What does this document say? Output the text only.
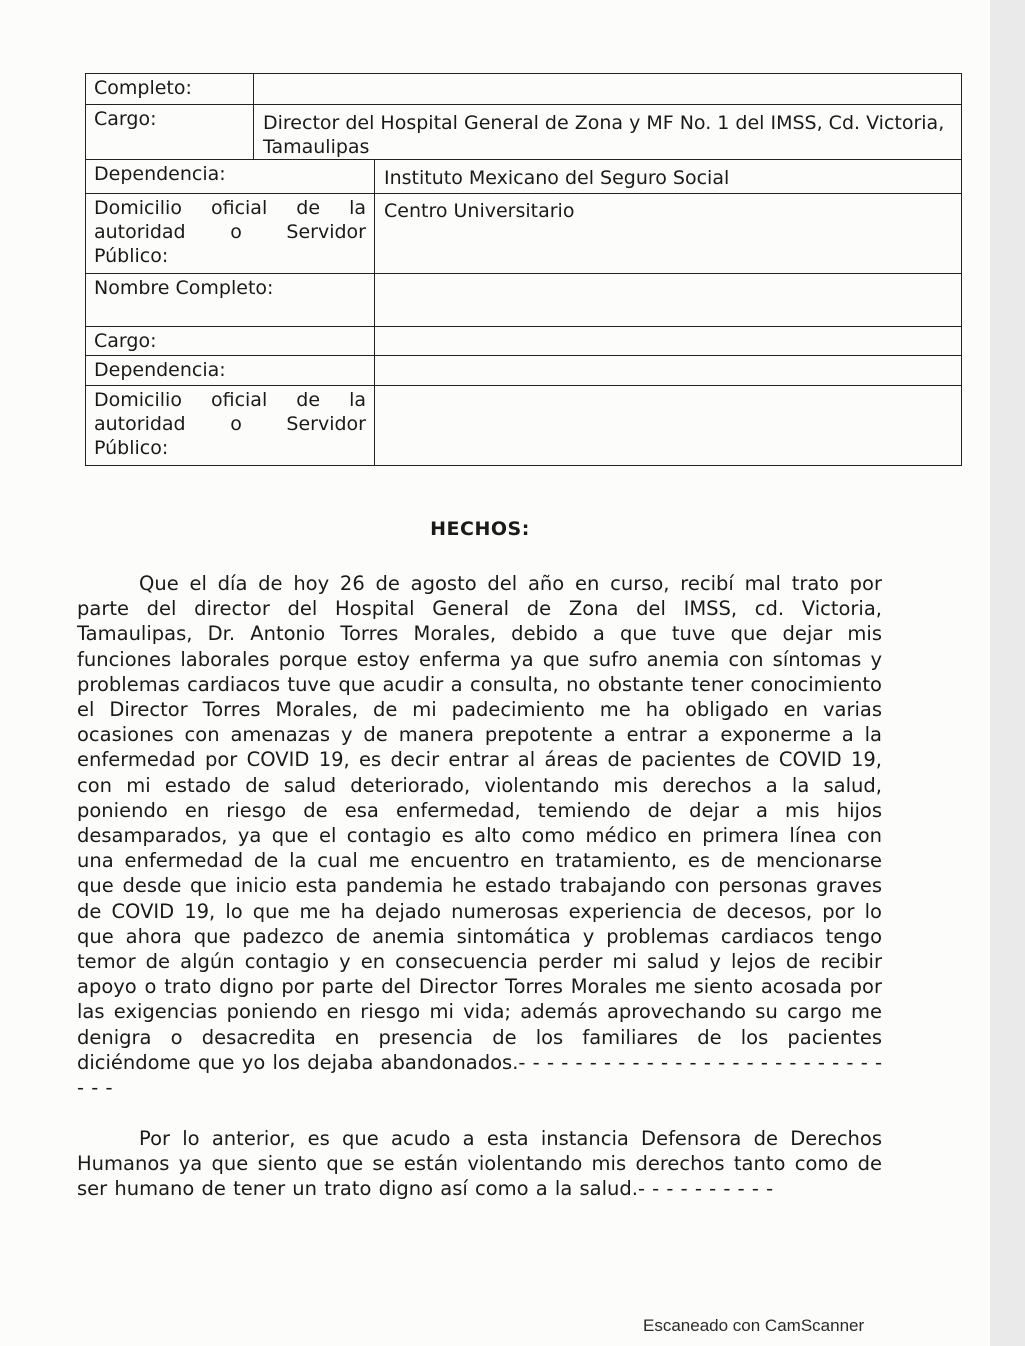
Completo:		
Cargo:	Director del Hospital General de Zona y MF No. 1 del IMSS, Cd. Victoria, Tamaulipas	
Dependencia:		Instituto Mexicano del Seguro Social
Domicilio oficial de la autoridad o Servidor Público:		Centro Universitario
Nombre Completo:		
Cargo:		
Dependencia:		
Domicilio oficial de la autoridad o Servidor Público:		
HECHOS:

Que el día de hoy 26 de agosto del año en curso, recibí mal trato por parte del director del Hospital General de Zona del IMSS, cd. Victoria, Tamaulipas, Dr. Antonio Torres Morales, debido a que tuve que dejar mis funciones laborales porque estoy enferma ya que sufro anemia con síntomas y problemas cardiacos tuve que acudir a consulta, no obstante tener conocimiento el Director Torres Morales, de mi padecimiento me ha obligado en varias ocasiones con amenazas y de manera prepotente a entrar a exponerme a la enfermedad por COVID 19, es decir entrar al áreas de pacientes de COVID 19, con mi estado de salud deteriorado, violentando mis derechos a la salud, poniendo en riesgo de esa enfermedad, temiendo de dejar a mis hijos desamparados, ya que el contagio es alto como médico en primera línea con una enfermedad de la cual me encuentro en tratamiento, es de mencionarse que desde que inicio esta pandemia he estado trabajando con personas graves de COVID 19, lo que me ha dejado numerosas experiencia de decesos, por lo que ahora que padezco de anemia sintomática y problemas cardiacos tengo temor de algún contagio y en consecuencia perder mi salud y lejos de recibir apoyo o trato digno por parte del Director Torres Morales me siento acosada por las exigencias poniendo en riesgo mi vida; además aprovechando su cargo me denigra o desacredita en presencia de los familiares de los pacientes diciéndome que yo los dejaba abandonados.- - - - - - - - - - - - - - - - - - - - - - - - - - - - -

Por lo anterior, es que acudo a esta instancia Defensora de Derechos Humanos ya que siento que se están violentando mis derechos tanto como de ser humano de tener un trato digno así como a la salud.- - - - - - - - - -

Escaneado con CamScanner
